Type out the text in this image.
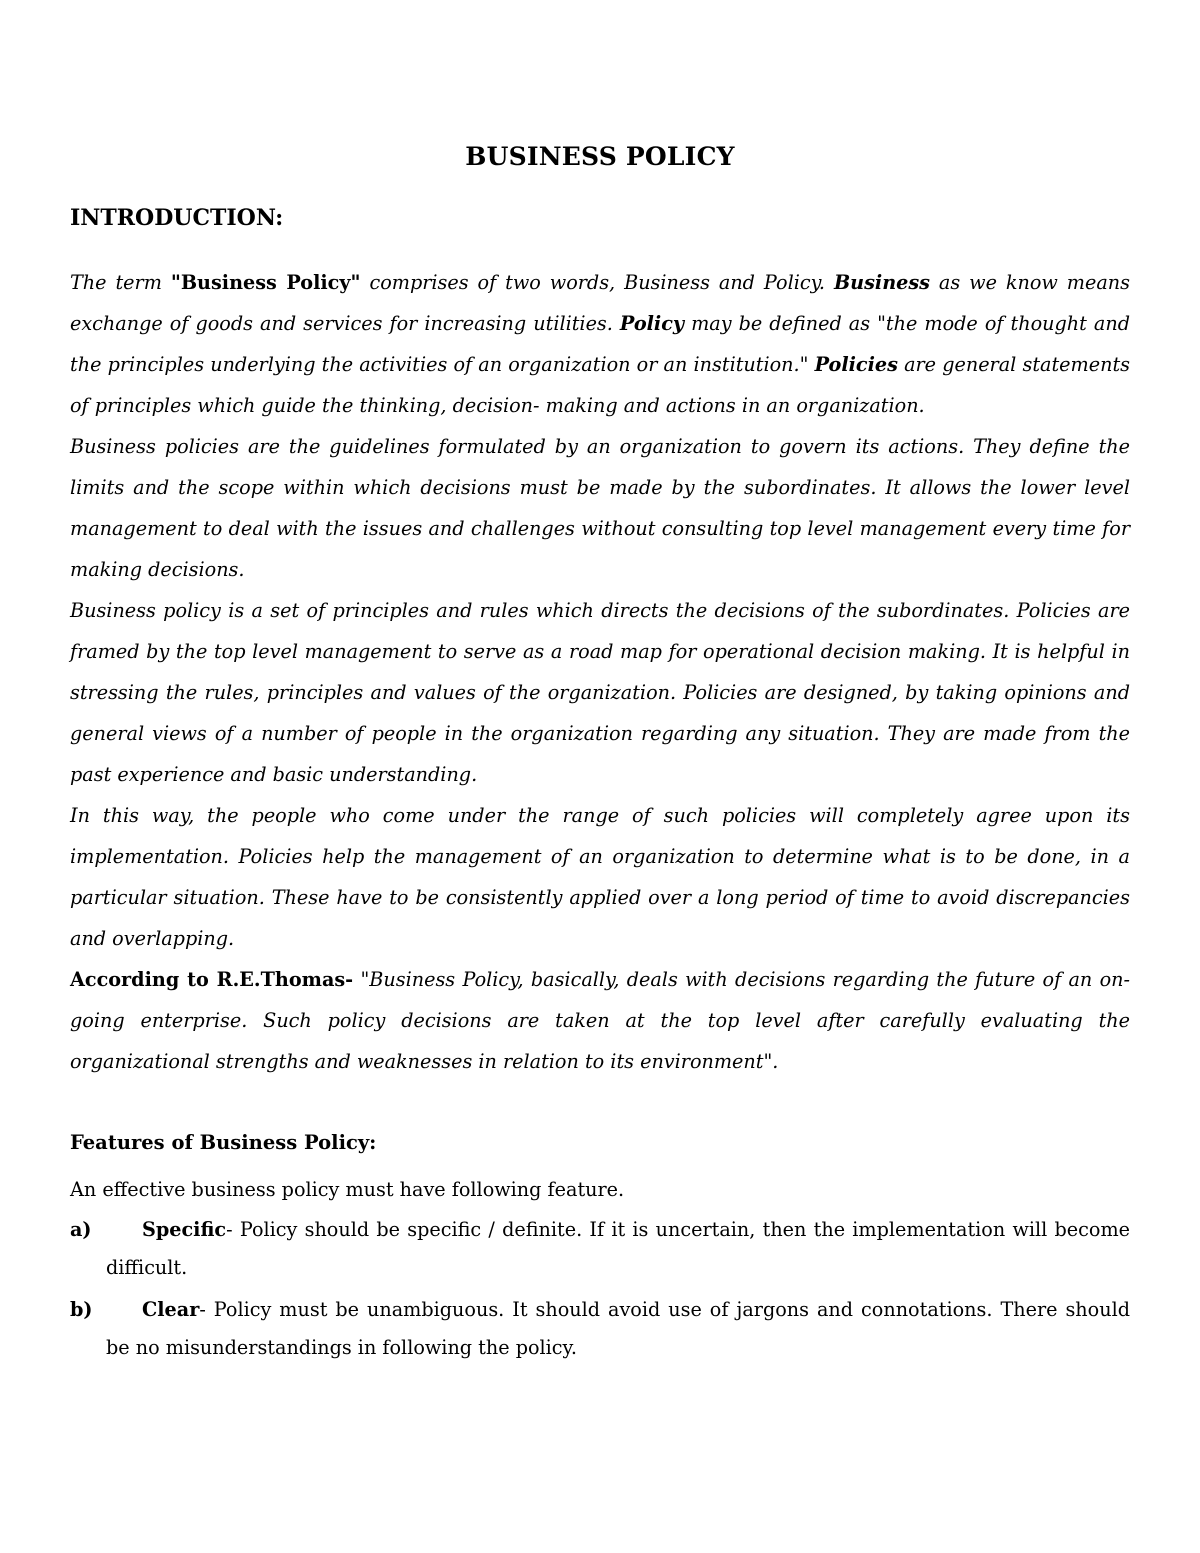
BUSINESS POLICY
INTRODUCTION:

The term "Business Policy" comprises of two words, Business and Policy. Business as we know means exchange of goods and services for increasing utilities. Policy may be defined as "the mode of thought and the principles underlying the activities of an organization or an institution." Policies are general statements of principles which guide the thinking, decision- making and actions in an organization.

Business policies are the guidelines formulated by an organization to govern its actions. They define the limits and the scope within which decisions must be made by the subordinates. It allows the lower level management to deal with the issues and challenges without consulting top level management every time for making decisions.

Business policy is a set of principles and rules which directs the decisions of the subordinates. Policies are framed by the top level management to serve as a road map for operational decision making. It is helpful in stressing the rules, principles and values of the organization. Policies are designed, by taking opinions and general views of a number of people in the organization regarding any situation. They are made from the past experience and basic understanding.

In this way, the people who come under the range of such policies will completely agree upon its implementation. Policies help the management of an organization to determine what is to be done, in a particular situation. These have to be consistently applied over a long period of time to avoid discrepancies and overlapping.

According to R.E.Thomas- "Business Policy, basically, deals with decisions regarding the future of an on-going enterprise. Such policy decisions are taken at the top level after carefully evaluating the organizational strengths and weaknesses in relation to its environment".

Features of Business Policy:
An effective business policy must have following feature.
a)	Specific- Policy should be specific / definite. If it is uncertain, then the implementation will become difficult.
b)	Clear- Policy must be unambiguous. It should avoid use of jargons and connotations. There should be no misunderstandings in following the policy.
